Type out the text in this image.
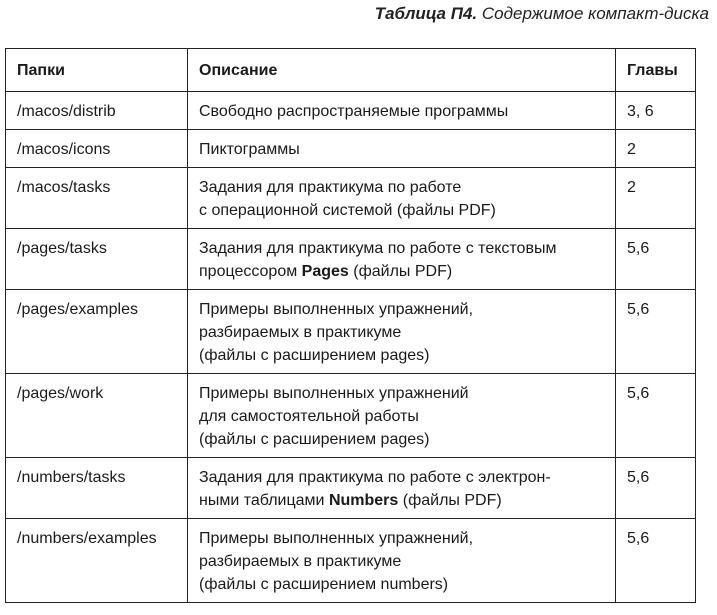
Таблица П4. Содержимое компакт-диска
Папки	Описание	Главы
/macos/distrib	Свободно распространяемые программы	3, 6
/macos/icons	Пиктограммы	2
/macos/tasks	Задания для практикума по работе
с операционной системой (файлы PDF)	2
/pages/tasks	Задания для практикума по работе с текстовым
процессором Pages (файлы PDF)	5,6
/pages/examples	Примеры выполненных упражнений,
разбираемых в практикуме
(файлы с расширением pages)	5,6
/pages/work	Примеры выполненных упражнений
для самостоятельной работы
(файлы с расширением pages)	5,6
/numbers/tasks	Задания для практикума по работе с электрон-
ными таблицами Numbers (файлы PDF)	5,6
/numbers/examples	Примеры выполненных упражнений,
разбираемых в практикуме
(файлы с расширением numbers)	5,6
